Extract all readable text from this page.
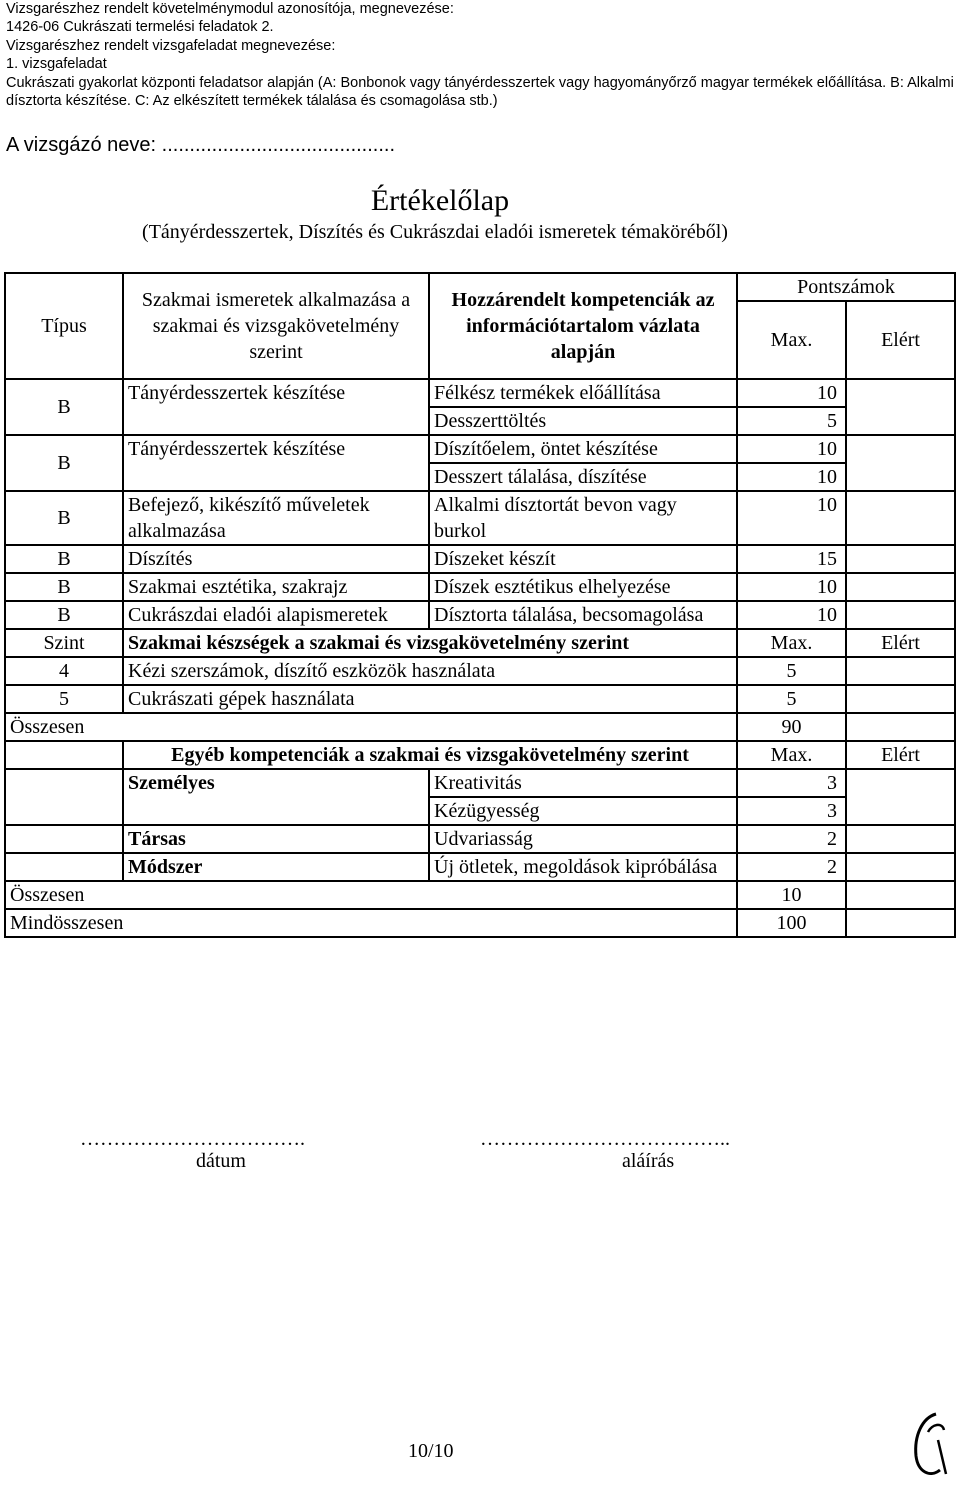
Vizsgarészhez rendelt követelménymodul azonosítója, megnevezése:
1426-06 Cukrászati termelési feladatok 2.
Vizsgarészhez rendelt vizsgafeladat megnevezése:
1. vizsgafeladat
Cukrászati gyakorlat központi feladatsor alapján (A: Bonbonok vagy tányérdesszertek vagy hagyományőrző magyar termékek előállítása. B: Alkalmi dísztorta készítése. C: Az elkészített termékek tálalása és csomagolása stb.)
A vizsgázó neve: ..........................................
Értékelőlap
(Tányérdesszertek, Díszítés és Cukrászdai eladói ismeretek témaköréből)
Típus	Szakmai ismeretek alkalmazása a szakmai és vizsgakövetelmény szerint	Hozzárendelt kompetenciák az információtartalom vázlata alapján	Pontszámok	
			Max.	Elért

B	Tányérdesszertek készítése	Félkész termékek előállítása	10	
		Desszerttöltés	5	
B	Tányérdesszertek készítése	Díszítőelem, öntet készítése	10	
		Desszert tálalása, díszítése	10	
B	Befejező, kikészítő műveletek alkalmazása	Alkalmi dísztortát bevon vagy burkol	10	
B	Díszítés	Díszeket készít	15	
B	Szakmai esztétika, szakrajz	Díszek esztétikus elhelyezése	10	
B	Cukrászdai eladói alapismeretek	Dísztorta tálalása, becsomagolása	10	
Szint	Szakmai készségek a szakmai és vizsgakövetelmény szerint		Max.	Elért
4	Kézi szerszámok, díszítő eszközök használata		5	
5	Cukrászati gépek használata		5	
Összesen			90	
	Egyéb kompetenciák a szakmai és vizsgakövetelmény szerint		Max.	Elért
	Személyes	Kreativitás	3	
		Kézügyesség	3	
	Társas	Udvariasság	2	
	Módszer	Új ötletek, megoldások kipróbálása	2	
Összesen			10	
Mindösszesen			100	
…………………………….
dátum
………………………………..
aláírás
10/10
